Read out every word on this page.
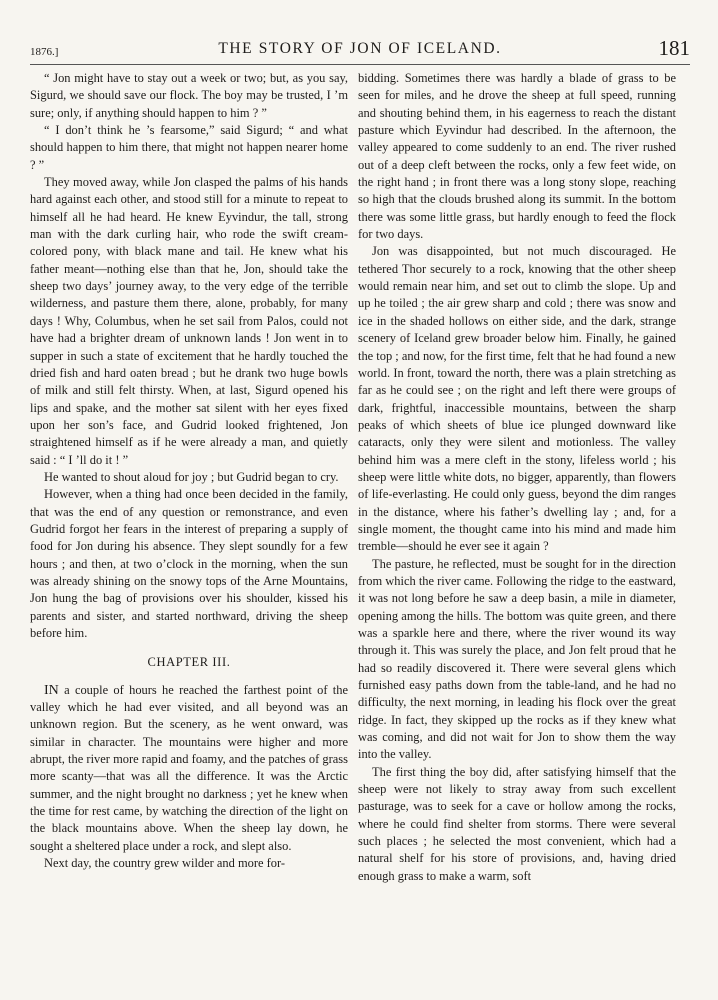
1876.]	THE STORY OF JON OF ICELAND.	181

“ Jon might have to stay out a week or two; but, as you say, Sigurd, we should save our flock. The boy may be trusted, I ’m sure; only, if anything should happen to him ? ”

“ I don’t think he ’s fearsome,” said Sigurd; “ and what should happen to him there, that might not happen nearer home ? ”

They moved away, while Jon clasped the palms of his hands hard against each other, and stood still for a minute to repeat to himself all he had heard. He knew Eyvindur, the tall, strong man with the dark curling hair, who rode the swift cream-colored pony, with black mane and tail. He knew what his father meant—nothing else than that he, Jon, should take the sheep two days’ journey away, to the very edge of the terrible wilderness, and pasture them there, alone, probably, for many days ! Why, Columbus, when he set sail from Palos, could not have had a brighter dream of unknown lands ! Jon went in to supper in such a state of excitement that he hardly touched the dried fish and hard oaten bread ; but he drank two huge bowls of milk and still felt thirsty. When, at last, Sigurd opened his lips and spake, and the mother sat silent with her eyes fixed upon her son’s face, and Gudrid looked frightened, Jon straightened himself as if he were already a man, and quietly said : “ I ’ll do it ! ”

He wanted to shout aloud for joy ; but Gudrid began to cry.

However, when a thing had once been decided in the family, that was the end of any question or remonstrance, and even Gudrid forgot her fears in the interest of preparing a supply of food for Jon during his absence. They slept soundly for a few hours ; and then, at two o’clock in the morning, when the sun was already shining on the snowy tops of the Arne Mountains, Jon hung the bag of provisions over his shoulder, kissed his parents and sister, and started northward, driving the sheep before him.

CHAPTER III.

IN a couple of hours he reached the farthest point of the valley which he had ever visited, and all beyond was an unknown region. But the scenery, as he went onward, was similar in character. The mountains were higher and more abrupt, the river more rapid and foamy, and the patches of grass more scanty—that was all the difference. It was the Arctic summer, and the night brought no darkness ; yet he knew when the time for rest came, by watching the direction of the light on the black mountains above. When the sheep lay down, he sought a sheltered place under a rock, and slept also.

Next day, the country grew wilder and more for-

bidding. Sometimes there was hardly a blade of grass to be seen for miles, and he drove the sheep at full speed, running and shouting behind them, in his eagerness to reach the distant pasture which Eyvindur had described. In the afternoon, the valley appeared to come suddenly to an end. The river rushed out of a deep cleft between the rocks, only a few feet wide, on the right hand ; in front there was a long stony slope, reaching so high that the clouds brushed along its summit. In the bottom there was some little grass, but hardly enough to feed the flock for two days.

Jon was disappointed, but not much discouraged. He tethered Thor securely to a rock, knowing that the other sheep would remain near him, and set out to climb the slope. Up and up he toiled ; the air grew sharp and cold ; there was snow and ice in the shaded hollows on either side, and the dark, strange scenery of Iceland grew broader below him. Finally, he gained the top ; and now, for the first time, felt that he had found a new world. In front, toward the north, there was a plain stretching as far as he could see ; on the right and left there were groups of dark, frightful, inaccessible mountains, between the sharp peaks of which sheets of blue ice plunged downward like cataracts, only they were silent and motionless. The valley behind him was a mere cleft in the stony, lifeless world ; his sheep were little white dots, no bigger, apparently, than flowers of life-everlasting. He could only guess, beyond the dim ranges in the distance, where his father’s dwelling lay ; and, for a single moment, the thought came into his mind and made him tremble—should he ever see it again ?

The pasture, he reflected, must be sought for in the direction from which the river came. Following the ridge to the eastward, it was not long before he saw a deep basin, a mile in diameter, opening among the hills. The bottom was quite green, and there was a sparkle here and there, where the river wound its way through it. This was surely the place, and Jon felt proud that he had so readily discovered it. There were several glens which furnished easy paths down from the table-land, and he had no difficulty, the next morning, in leading his flock over the great ridge. In fact, they skipped up the rocks as if they knew what was coming, and did not wait for Jon to show them the way into the valley.

The first thing the boy did, after satisfying himself that the sheep were not likely to stray away from such excellent pasturage, was to seek for a cave or hollow among the rocks, where he could find shelter from storms. There were several such places ; he selected the most convenient, which had a natural shelf for his store of provisions, and, having dried enough grass to make a warm, soft
